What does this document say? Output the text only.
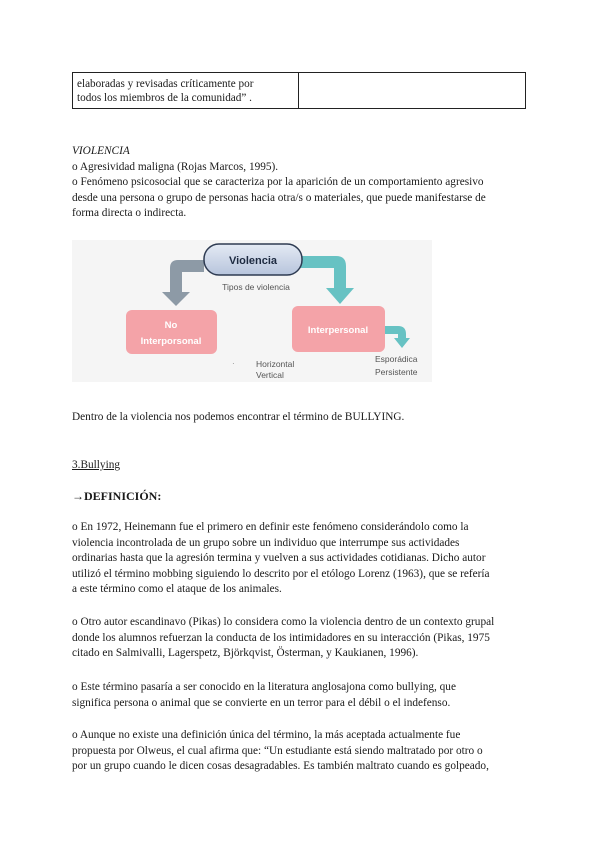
elaboradas y revisadas críticamente por
todos los miembros de la comunidad” .

VIOLENCIA

o Agresividad maligna (Rojas Marcos, 1995).

o Fenómeno psicosocial que se caracteriza por la aparición de un comportamiento agresivo

desde una persona o grupo de personas hacia otra/s o materiales, que puede manifestarse de

forma directa o indirecta.

Violencia
Tipos de violencia
No
Interporsonal
Interpersonal
·	Horizontal
Vertical
Esporádica
Persistente

Dentro de la violencia nos podemos encontrar el término de BULLYING.

3.Bullying

→DEFINICIÓN:

o En 1972, Heinemann fue el primero en definir este fenómeno considerándolo como la

violencia incontrolada de un grupo sobre un individuo que interrumpe sus actividades

ordinarias hasta que la agresión termina y vuelven a sus actividades cotidianas. Dicho autor

utilizó el término mobbing siguiendo lo descrito por el etólogo Lorenz (1963), que se refería

a este término como el ataque de los animales.

o Otro autor escandinavo (Pikas) lo considera como la violencia dentro de un contexto grupal

donde los alumnos refuerzan la conducta de los intimidadores en su interacción (Pikas, 1975

citado en Salmivalli, Lagerspetz, Björkqvist, Österman, y Kaukianen, 1996).

o Este término pasaría a ser conocido en la literatura anglosajona como bullying, que

significa persona o animal que se convierte en un terror para el débil o el indefenso.

o Aunque no existe una definición única del término, la más aceptada actualmente fue

propuesta por Olweus, el cual afirma que: “Un estudiante está siendo maltratado por otro o

por un grupo cuando le dicen cosas desagradables. Es también maltrato cuando es golpeado,
